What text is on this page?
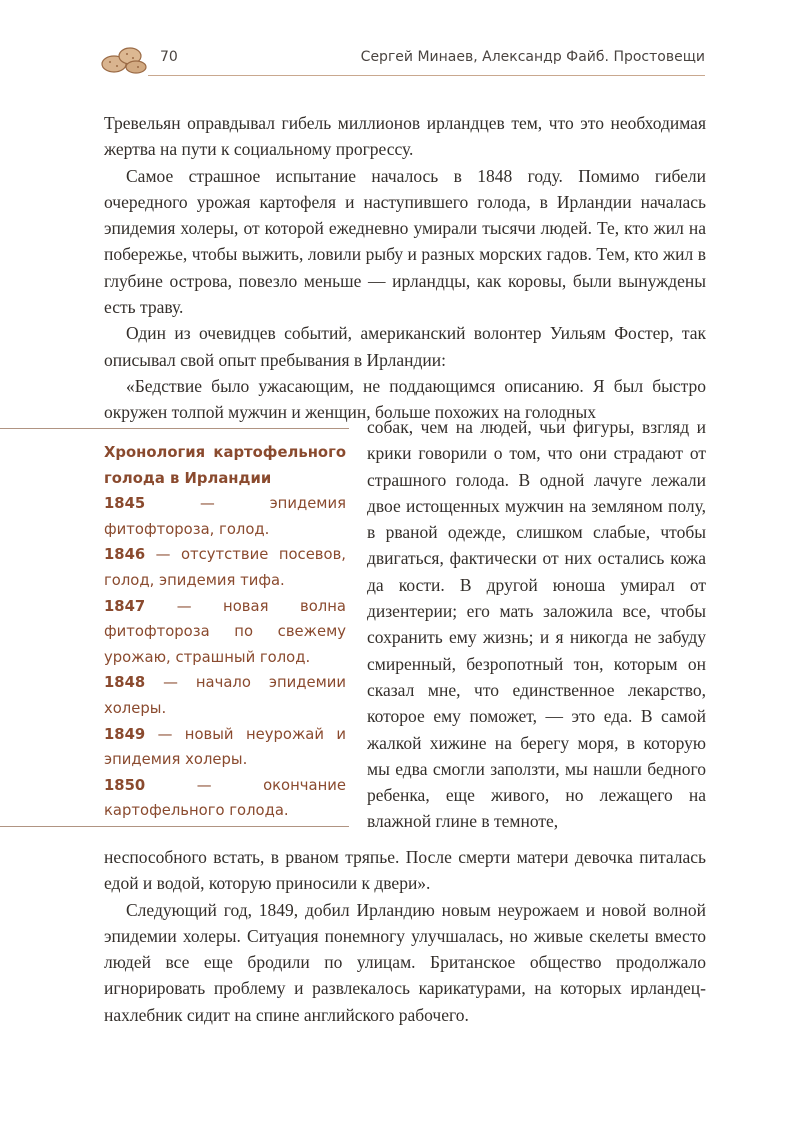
70	Сергей Минаев, Александр Файб. Простовещи

Тревельян оправдывал гибель миллионов ирландцев тем, что это необходимая жертва на пути к социальному прогрессу.

Самое страшное испытание началось в 1848 году. Помимо гибели очередного урожая картофеля и наступившего голода, в Ирландии началась эпидемия холеры, от которой ежедневно умирали тысячи людей. Те, кто жил на побережье, чтобы выжить, ловили рыбу и разных морских гадов. Тем, кто жил в глубине острова, повезло меньше — ирландцы, как коровы, были вынуждены есть траву.

Один из очевидцев событий, американский волонтер Уильям Фостер, так описывал свой опыт пребывания в Ирландии:

«Бедствие было ужасающим, не поддающимся описанию. Я был быстро окружен толпой мужчин и женщин, больше похожих на голодных

Хронология картофельного голода в Ирландии

1845 — эпидемия фитофтороза, голод.

1846 — отсутствие посевов, голод, эпидемия тифа.

1847 — новая волна фитофтороза по свежему урожаю, страшный голод.

1848 — начало эпидемии холеры.

1849 — новый неурожай и эпидемия холеры.

1850 — окончание картофельного голода.

собак, чем на людей, чьи фигуры, взгляд и крики говорили о том, что они страдают от страшного голода. В одной лачуге лежали двое истощенных мужчин на земляном полу, в рваной одежде, слишком слабые, чтобы двигаться, фактически от них остались кожа да кости. В другой юноша умирал от дизентерии; его мать заложила все, чтобы сохранить ему жизнь; и я никогда не забуду смиренный, безропотный тон, которым он сказал мне, что единственное лекарство, которое ему поможет, — это еда. В самой жалкой хижине на берегу моря, в которую мы едва смогли заползти, мы нашли бедного ребенка, еще живого, но лежащего на влажной глине в темноте,

неспособного встать, в рваном тряпье. После смерти матери девочка питалась едой и водой, которую приносили к двери».

Следующий год, 1849, добил Ирландию новым неурожаем и новой волной эпидемии холеры. Ситуация понемногу улучшалась, но живые скелеты вместо людей все еще бродили по улицам. Британское общество продолжало игнорировать проблему и развлекалось карикатурами, на которых ирландец-нахлебник сидит на спине английского рабочего.
